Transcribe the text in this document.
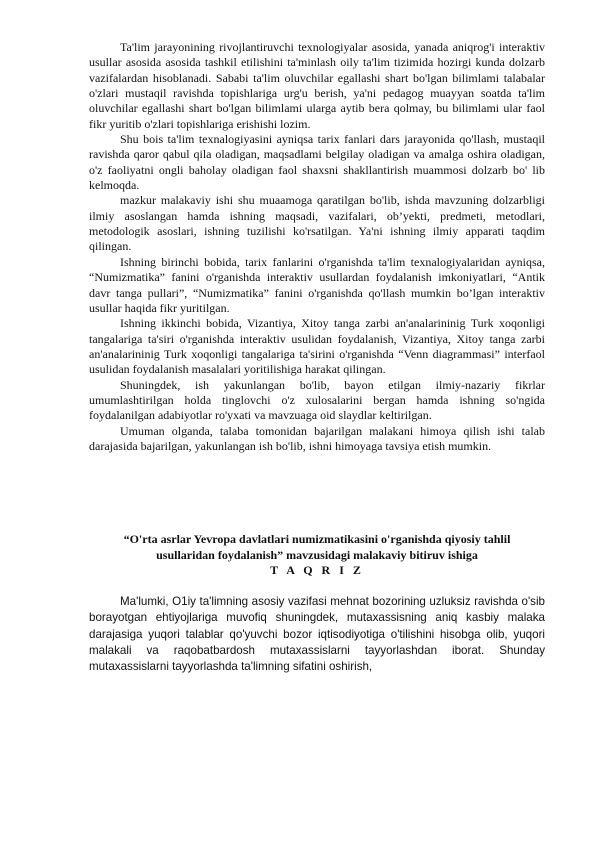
Ta'lim jarayonining rivojlantiruvchi texnologiyalar asosida, yanada aniqrog'i interaktiv usullar asosida asosida tashkil etilishini ta'minlash oily ta'lim tizimida hozirgi kunda dolzarb vazifalardan hisoblanadi. Sababi ta'lim oluvchilar egallashi shart bo'lgan bilimlami talabalar o'zlari mustaqil ravishda topishlariga urg'u berish, ya'ni pedagog muayyan soatda ta'lim oluvchilar egallashi shart bo'lgan bilimlami ularga aytib bera qolmay, bu bilimlami ular faol fikr yuritib o'zlari topishlariga erishishi lozim.

Shu bois ta'lim texnalogiyasini ayniqsa tarix fanlari dars jarayonida qo'llash, mustaqil ravishda qaror qabul qila oladigan, maqsadlami belgilay oladigan va amalga oshira oladigan, o'z faoliyatni ongli baholay oladigan faol shaxsni shakllantirish muammosi dolzarb bo' lib kelmoqda.

mazkur malakaviy ishi shu muaamoga qaratilgan bo'lib, ishda mavzuning dolzarbligi ilmiy asoslangan hamda ishning maqsadi, vazifalari, ob’yekti, predmeti, metodlari, metodologik asoslari, ishning tuzilishi ko'rsatilgan. Ya'ni ishning ilmiy apparati taqdim qilingan.

Ishning birinchi bobida, tarix fanlarini o'rganishda ta'lim texnalogiyalaridan ayniqsa, “Numizmatika” fanini o'rganishda interaktiv usullardan foydalanish imkoniyatlari, “Antik davr tanga pullari”, “Numizmatika” fanini o'rganishda qo'llash mumkin bo’lgan interaktiv usullar haqida fikr yuritilgan.

Ishning ikkinchi bobida, Vizantiya, Xitoy tanga zarbi an'analarininig Turk xoqonligi tangalariga ta'siri o'rganishda interaktiv usulidan foydalanish, Vizantiya, Xitoy tanga zarbi an'analarininig Turk xoqonligi tangalariga ta'sirini o'rganishda “Venn diagrammasi” interfaol usulidan foydalanish masalalari yoritilishiga harakat qilingan.

Shuningdek, ish yakunlangan bo'lib, bayon etilgan ilmiy-nazariy fikrlar umumlashtirilgan holda tinglovchi o'z xulosalarini bergan hamda ishning so'ngida foydalanilgan adabiyotlar ro'yxati va mavzuaga oid slaydlar keltirilgan.

Umuman olganda, talaba tomonidan bajarilgan malakani himoya qilish ishi talab darajasida bajarilgan, yakunlangan ish bo'lib, ishni himoyaga tavsiya etish mumkin.

“O'rta asrlar Yevropa davlatlari numizmatikasini o'rganishda qiyosiy tahlil

usullaridan foydalanish” mavzusidagi malakaviy bitiruv ishiga

T A Q R I Z

Ma'lumki, O1iy ta'limning asosiy vazifasi mehnat bozorining uzluksiz ravishda o'sib borayotgan ehtiyojlariga muvofiq shuningdek, mutaxassisning aniq kasbiy malaka darajasiga yuqori talablar qo'yuvchi bozor iqtisodiyotiga o'tilishini hisobga olib, yuqori malakali va raqobatbardosh mutaxassislarni tayyorlashdan iborat. Shunday mutaxassislarni tayyorlashda ta'limning sifatini oshirish,
